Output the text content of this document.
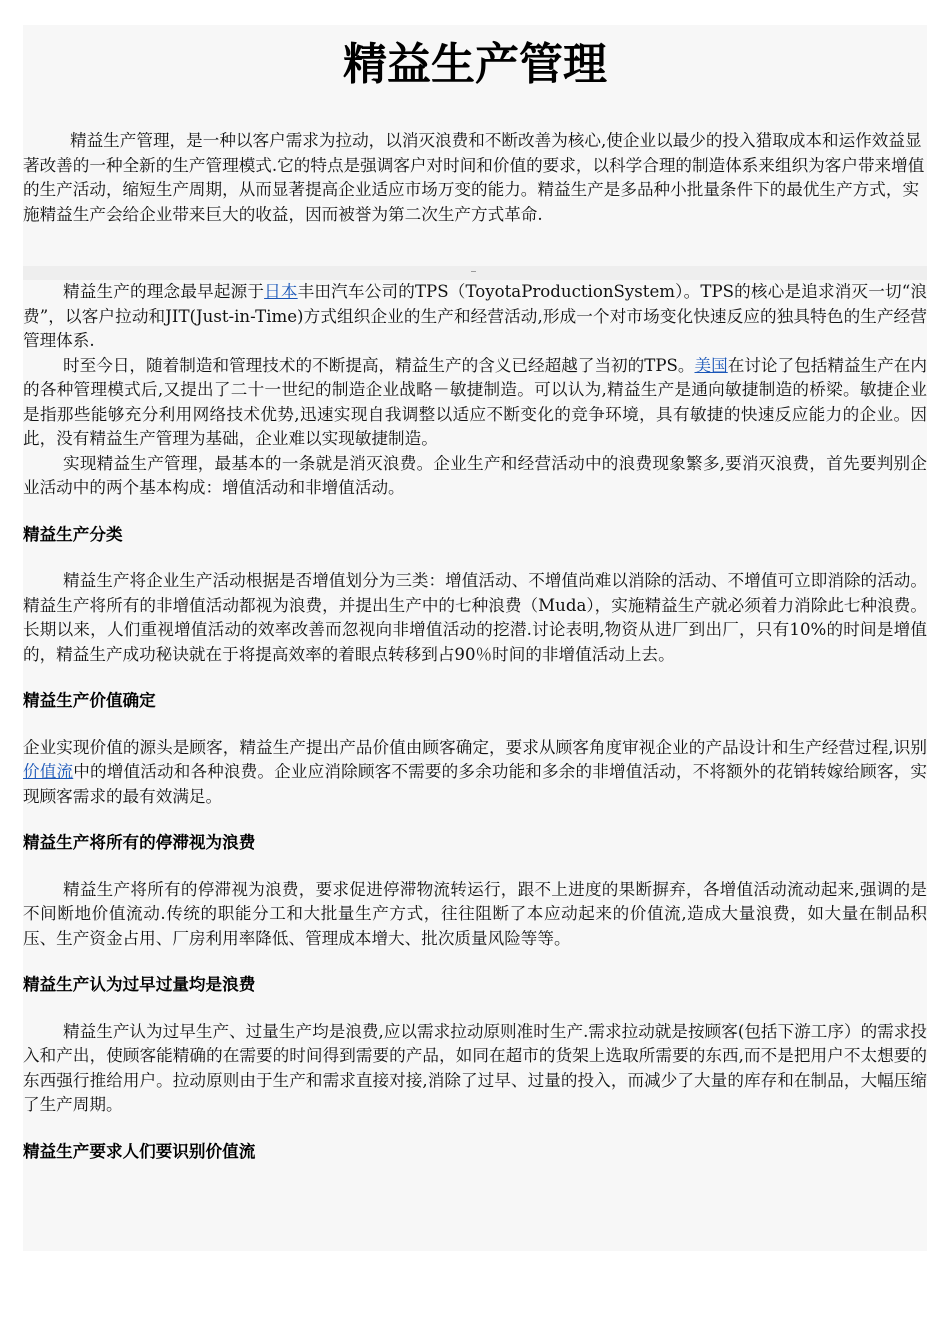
精益生产管理

精益生产管理，是一种以客户需求为拉动，以消灭浪费和不断改善为核心,使企业以最少的投入猎取成本和运作效益显著改善的一种全新的生产管理模式.它的特点是强调客户对时间和价值的要求，以科学合理的制造体系来组织为客户带来增值的生产活动，缩短生产周期，从而显著提高企业适应市场万变的能力。精益生产是多品种小批量条件下的最优生产方式，实施精益生产会给企业带来巨大的收益，因而被誉为第二次生产方式革命.

精益生产的理念最早起源于日本丰田汽车公司的TPS（ToyotaProductionSystem）。TPS的核心是追求消灭一切“浪费”，以客户拉动和JIT(Just-in-Time)方式组织企业的生产和经营活动,形成一个对市场变化快速反应的独具特色的生产经营管理体系.

时至今日，随着制造和管理技术的不断提高，精益生产的含义已经超越了当初的TPS。美国在讨论了包括精益生产在内的各种管理模式后,又提出了二十一世纪的制造企业战略－敏捷制造。可以认为,精益生产是通向敏捷制造的桥梁。敏捷企业是指那些能够充分利用网络技术优势,迅速实现自我调整以适应不断变化的竞争环境，具有敏捷的快速反应能力的企业。因此，没有精益生产管理为基础，企业难以实现敏捷制造。

实现精益生产管理，最基本的一条就是消灭浪费。企业生产和经营活动中的浪费现象繁多,要消灭浪费，首先要判别企业活动中的两个基本构成：增值活动和非增值活动。

精益生产分类

精益生产将企业生产活动根据是否增值划分为三类：增值活动、不增值尚难以消除的活动、不增值可立即消除的活动。精益生产将所有的非增值活动都视为浪费，并提出生产中的七种浪费（Muda），实施精益生产就必须着力消除此七种浪费。长期以来，人们重视增值活动的效率改善而忽视向非增值活动的挖潜.讨论表明,物资从进厂到出厂，只有10%的时间是增值的，精益生产成功秘诀就在于将提高效率的着眼点转移到占90％时间的非增值活动上去。

精益生产价值确定

企业实现价值的源头是顾客，精益生产提出产品价值由顾客确定，要求从顾客角度审视企业的产品设计和生产经营过程,识别价值流中的增值活动和各种浪费。企业应消除顾客不需要的多余功能和多余的非增值活动，不将额外的花销转嫁给顾客，实现顾客需求的最有效满足。

精益生产将所有的停滞视为浪费

精益生产将所有的停滞视为浪费，要求促进停滞物流转运行，跟不上进度的果断摒弃，各增值活动流动起来,强调的是不间断地价值流动.传统的职能分工和大批量生产方式，往往阻断了本应动起来的价值流,造成大量浪费，如大量在制品积压、生产资金占用、厂房利用率降低、管理成本增大、批次质量风险等等。

精益生产认为过早过量均是浪费

精益生产认为过早生产、过量生产均是浪费,应以需求拉动原则准时生产.需求拉动就是按顾客(包括下游工序）的需求投入和产出，使顾客能精确的在需要的时间得到需要的产品，如同在超市的货架上选取所需要的东西,而不是把用户不太想要的东西强行推给用户。拉动原则由于生产和需求直接对接,消除了过早、过量的投入，而减少了大量的库存和在制品，大幅压缩了生产周期。

精益生产要求人们要识别价值流
